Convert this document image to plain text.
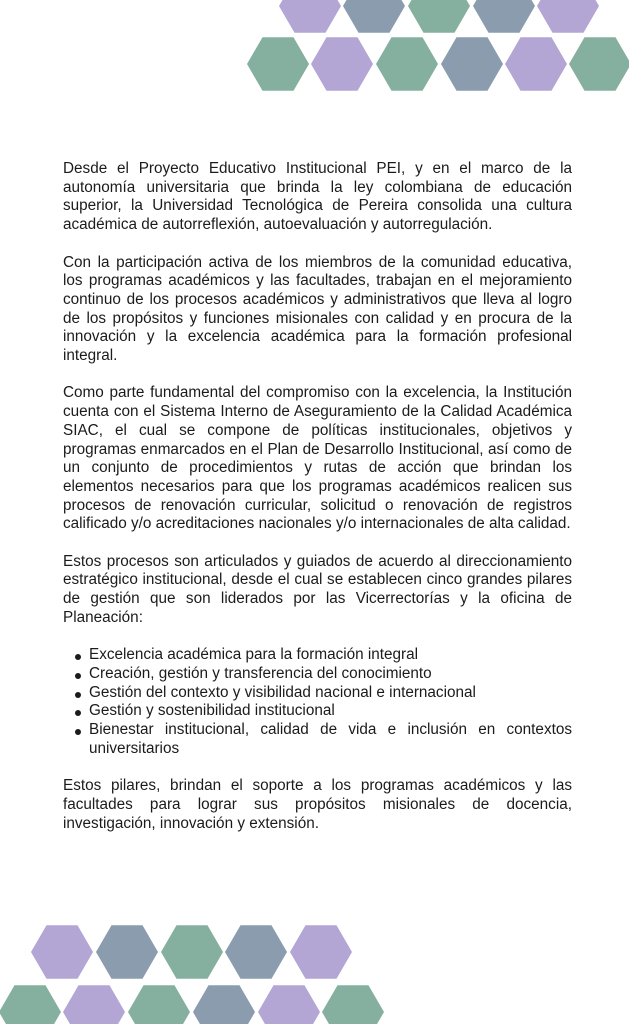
Desde el Proyecto Educativo Institucional PEI, y en el marco de la autonomía universitaria que brinda la ley colombiana de educación superior, la Universidad Tecnológica de Pereira consolida una cultura académica de autorreflexión, autoevaluación y autorregulación.

Con la participación activa de los miembros de la comunidad educativa, los programas académicos y las facultades, trabajan en el mejoramiento continuo de los procesos académicos y administrativos que lleva al logro de los propósitos y funciones misionales con calidad y en procura de la innovación y la excelencia académica para la formación profesional integral.

Como parte fundamental del compromiso con la excelencia, la Institución cuenta con el Sistema Interno de Aseguramiento de la Calidad Académica SIAC, el cual se compone de políticas institucionales, objetivos y programas enmarcados en el Plan de Desarrollo Institucional, así como de un conjunto de procedimientos y rutas de acción que brindan los elementos necesarios para que los programas académicos realicen sus procesos de renovación curricular, solicitud o renovación de registros calificado y/o acreditaciones nacionales y/o internacionales de alta calidad.

Estos procesos son articulados y guiados de acuerdo al direccionamiento estratégico institucional, desde el cual se establecen cinco grandes pilares de gestión que son liderados por las Vicerrectorías y la oficina de Planeación:

Excelencia académica para la formación integral
Creación, gestión y transferencia del conocimiento
Gestión del contexto y visibilidad nacional e internacional
Gestión y sostenibilidad institucional
Bienestar institucional, calidad de vida e inclusión en contextos universitarios

Estos pilares, brindan el soporte a los programas académicos y las facultades para lograr sus propósitos misionales de docencia, investigación, innovación y extensión.
